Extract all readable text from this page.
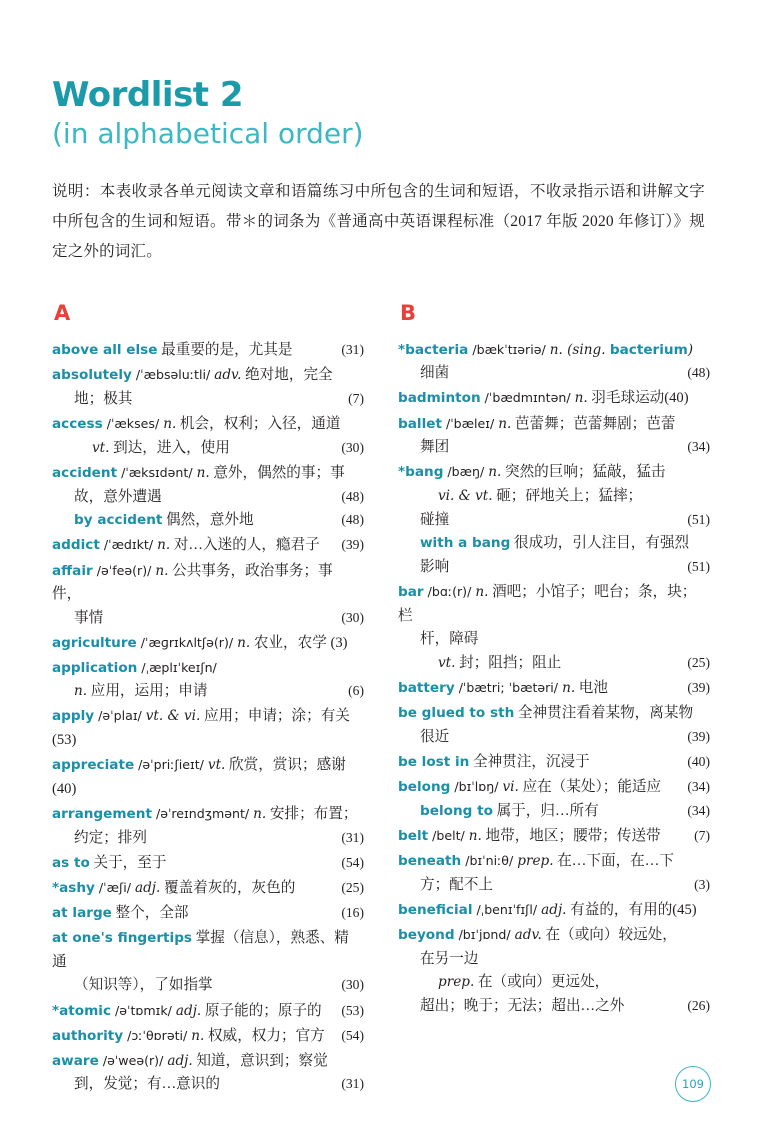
Wordlist 2
(in alphabetical order)

说明：本表收录各单元阅读文章和语篇练习中所包含的生词和短语，不收录指示语和讲解文字中所包含的生词和短语。带＊的词条为《普通高中英语课程标准（2017 年版 2020 年修订）》规定之外的词汇。

A
above all else 最重要的是，尤其是	(31)
absolutely /ˈæbsəluːtli/ adv. 绝对地，完全
地；极其	(7)
access /ˈækses/ n. 机会，权利；入径，通道
vt. 到达，进入，使用	(30)
accident /ˈæksɪdənt/ n. 意外，偶然的事；事
故，意外遭遇	(48)
by accident 偶然，意外地	(48)
addict /ˈædɪkt/ n. 对…入迷的人，瘾君子	(39)
affair /əˈfeə(r)/ n. 公共事务，政治事务；事件，
事情	(30)
agriculture /ˈæɡrɪkʌltʃə(r)/ n. 农业，农学 (3)
application /ˌæplɪˈkeɪʃn/
n. 应用，运用；申请	(6)
apply /əˈplaɪ/ vt. & vi. 应用；申请；涂；有关(53)
appreciate /əˈpriːʃieɪt/ vt. 欣赏，赏识；感谢(40)
arrangement /əˈreɪndʒmənt/ n. 安排；布置；
约定；排列	(31)
as to 关于，至于	(54)
*ashy /ˈæʃi/ adj. 覆盖着灰的，灰色的	(25)
at large 整个，全部	(16)
at one's fingertips 掌握（信息），熟悉、精通
（知识等），了如指掌	(30)
*atomic /əˈtɒmɪk/ adj. 原子能的；原子的	(53)
authority /ɔːˈθɒrəti/ n. 权威，权力；官方	(54)
aware /əˈweə(r)/ adj. 知道，意识到；察觉
到，发觉；有…意识的	(31)
B
*bacteria /bækˈtɪəriə/ n. (sing. bacterium)
细菌	(48)
badminton /ˈbædmɪntən/ n. 羽毛球运动(40)
ballet /ˈbæleɪ/ n. 芭蕾舞；芭蕾舞剧；芭蕾
舞团	(34)
*bang /bæŋ/ n. 突然的巨响；猛敲，猛击
vi. & vt. 砸；砰地关上；猛摔；
碰撞	(51)
with a bang 很成功，引人注目，有强烈
影响	(51)
bar /bɑː(r)/ n. 酒吧；小馆子；吧台；条，块；栏
杆，障碍
vt. 封；阻挡；阻止	(25)
battery /ˈbætri; ˈbætəri/ n. 电池	(39)
be glued to sth 全神贯注看着某物，离某物
很近	(39)
be lost in 全神贯注，沉浸于	(40)
belong /bɪˈlɒŋ/ vi. 应在（某处）；能适应	(34)
belong to 属于，归…所有	(34)
belt /belt/ n. 地带，地区；腰带；传送带	(7)
beneath /bɪˈniːθ/ prep. 在…下面，在…下
方；配不上	(3)
beneficial /ˌbenɪˈfɪʃl/ adj. 有益的，有用的(45)
beyond /bɪˈjɒnd/ adv. 在（或向）较远处，
在另一边
prep. 在（或向）更远处，
超出；晚于；无法；超出…之外	(26)
109
